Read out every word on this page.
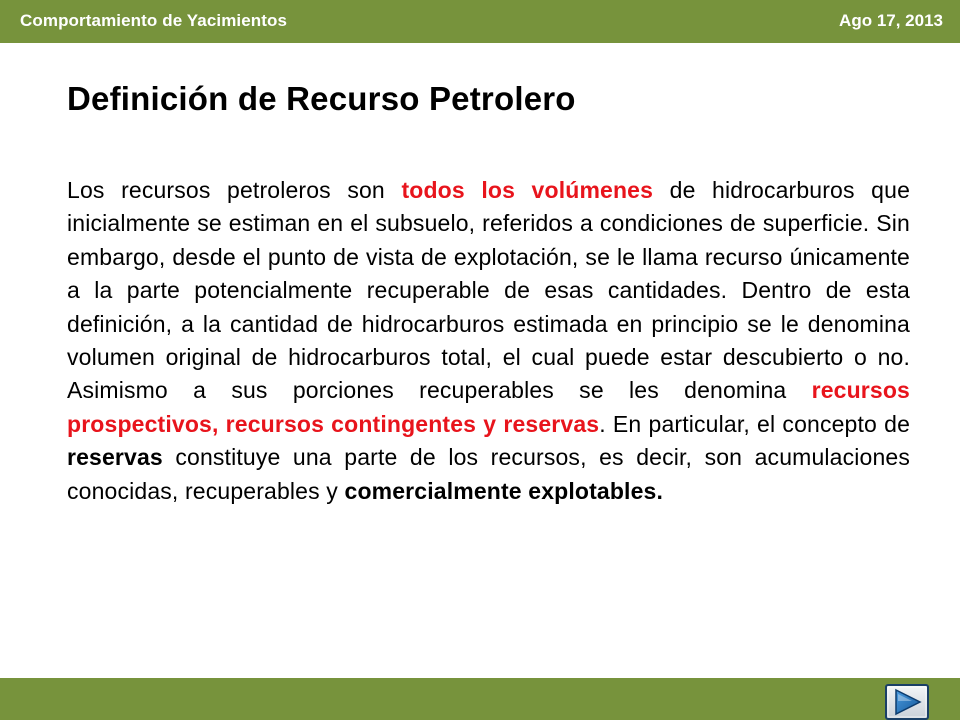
Comportamiento de Yacimientos	Ago 17, 2013
Definición de Recurso Petrolero

Los recursos petroleros son todos los volúmenes de hidrocarburos que inicialmente se estiman en el subsuelo, referidos a condiciones de superficie. Sin embargo, desde el punto de vista de explotación, se le llama recurso únicamente a la parte potencialmente recuperable de esas cantidades. Dentro de esta definición, a la cantidad de hidrocarburos estimada en principio se le denomina volumen original de hidrocarburos total, el cual puede estar descubierto o no. Asimismo a sus porciones recuperables se les denomina recursos prospectivos, recursos contingentes y reservas. En particular, el concepto de reservas constituye una parte de los recursos, es decir, son acumulaciones conocidas, recuperables y comercialmente explotables.
